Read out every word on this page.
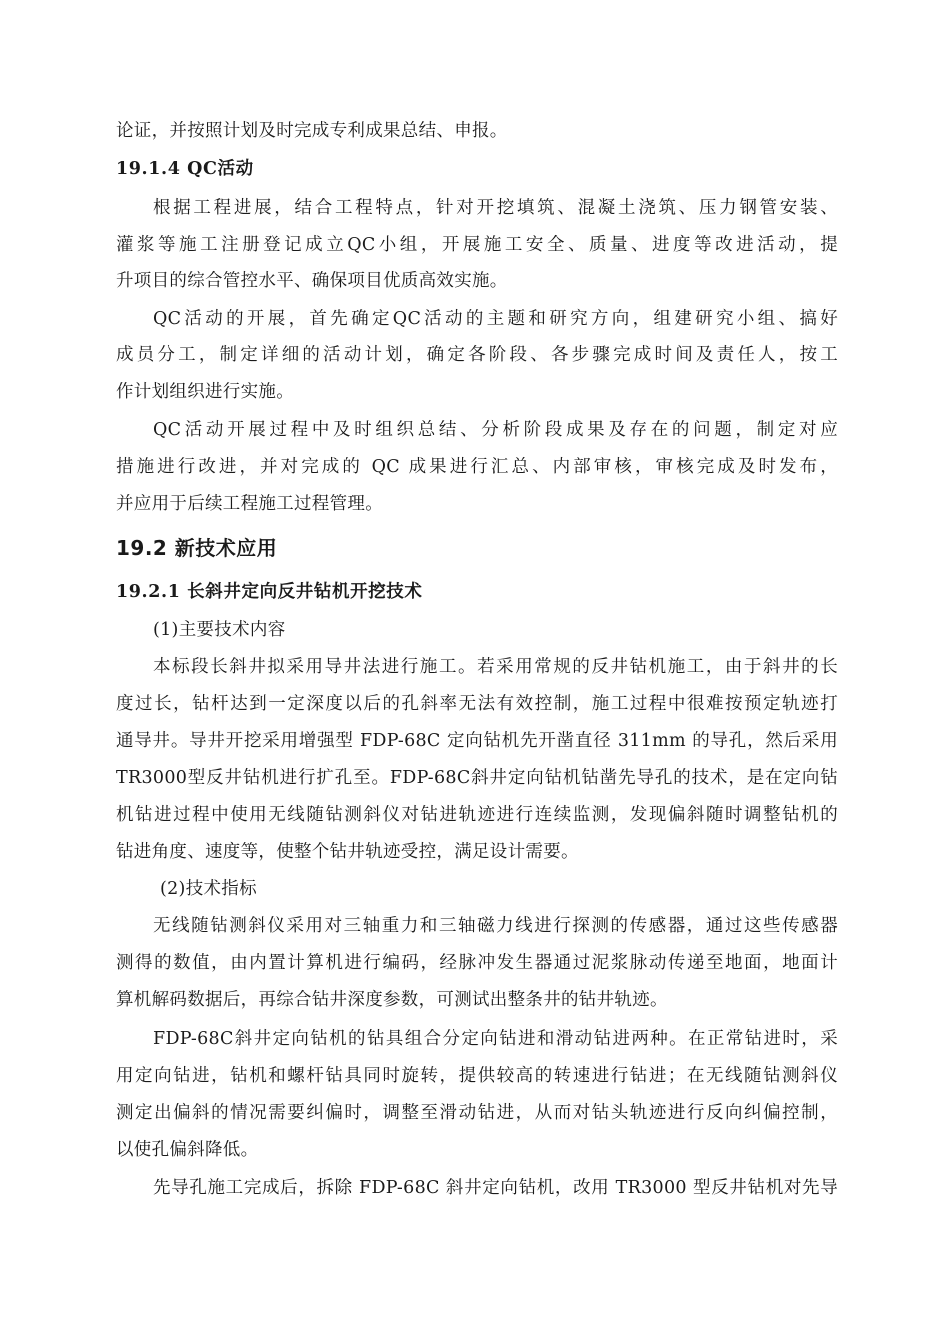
论证，并按照计划及时完成专利成果总结、申报。
19.1.4 QC活动
根据工程进展，结合工程特点，针对开挖填筑、混凝土浇筑、压力钢管安装、
灌浆等施工注册登记成立QC小组，开展施工安全、质量、进度等改进活动，提
升项目的综合管控水平、确保项目优质高效实施。
QC活动的开展，首先确定QC活动的主题和研究方向，组建研究小组、搞好
成员分工，制定详细的活动计划，确定各阶段、各步骤完成时间及责任人，按工
作计划组织进行实施。
QC活动开展过程中及时组织总结、分析阶段成果及存在的问题，制定对应
措施进行改进，并对完成的 QC 成果进行汇总、内部审核，审核完成及时发布，
并应用于后续工程施工过程管理。
19.2 新技术应用
19.2.1 长斜井定向反井钻机开挖技术
(1)主要技术内容
本标段长斜井拟采用导井法进行施工。若采用常规的反井钻机施工，由于斜井的长
度过长，钻杆达到一定深度以后的孔斜率无法有效控制，施工过程中很难按预定轨迹打
通导井。导井开挖采用增强型 FDP-68C 定向钻机先开凿直径 311mm 的导孔，然后采用
TR3000型反井钻机进行扩孔至。FDP-68C斜井定向钻机钻凿先导孔的技术，是在定向钻
机钻进过程中使用无线随钻测斜仪对钻进轨迹进行连续监测，发现偏斜随时调整钻机的
钻进角度、速度等，使整个钻井轨迹受控，满足设计需要。
(2)技术指标
无线随钻测斜仪采用对三轴重力和三轴磁力线进行探测的传感器，通过这些传感器
测得的数值，由内置计算机进行编码，经脉冲发生器通过泥浆脉动传递至地面，地面计
算机解码数据后，再综合钻井深度参数，可测试出整条井的钻井轨迹。
FDP-68C斜井定向钻机的钻具组合分定向钻进和滑动钻进两种。在正常钻进时，采
用定向钻进，钻机和螺杆钻具同时旋转，提供较高的转速进行钻进；在无线随钻测斜仪
测定出偏斜的情况需要纠偏时，调整至滑动钻进，从而对钻头轨迹进行反向纠偏控制，
以使孔偏斜降低。
先导孔施工完成后，拆除 FDP-68C 斜井定向钻机，改用 TR3000 型反井钻机对先导
